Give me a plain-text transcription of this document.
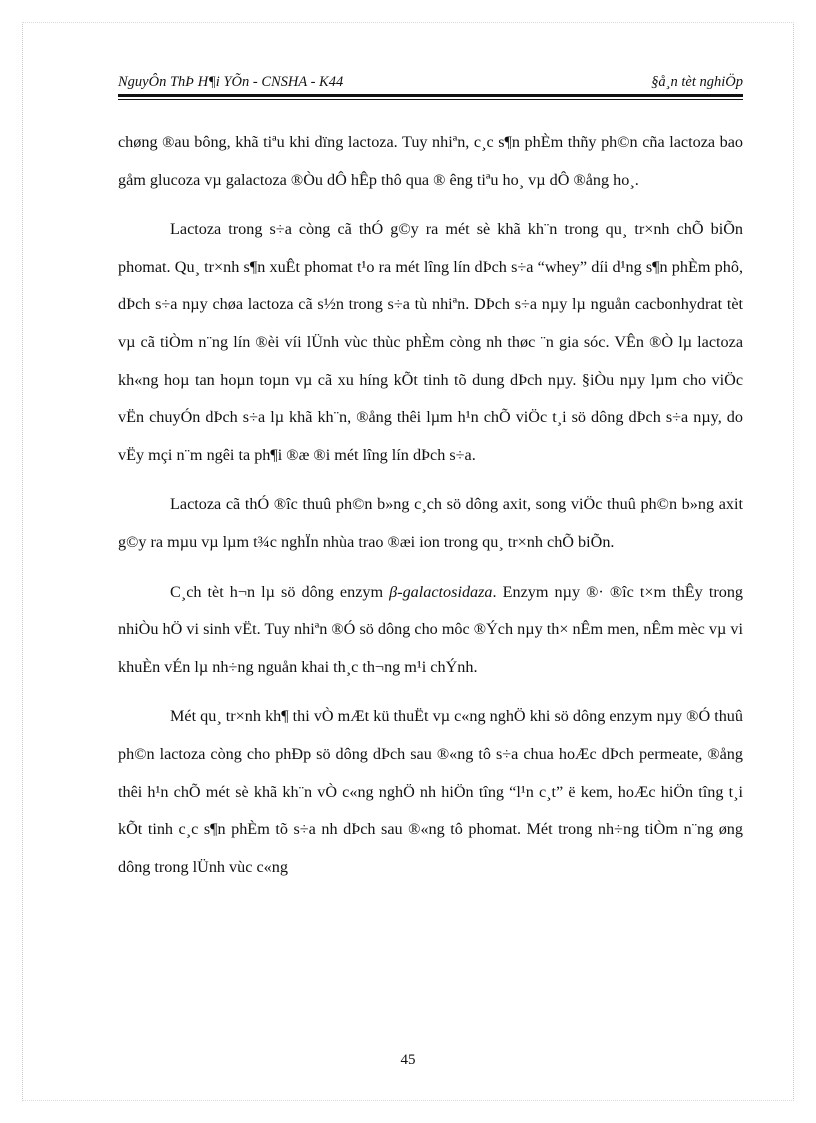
NguyÔn ThÞ H¶i YÕn - CNSHA - K44	§å¸n tèt nghiÖp

chøng ®au bông, khã tiªu khi dïng lactoza. Tuy nhiªn, c¸c s¶n phÈm thñy ph©n cña lactoza bao gåm glucoza vµ galactoza ®Òu dÔ hÊp thô qua ® êng tiªu ho¸ vµ dÔ ®ång ho¸.

Lactoza trong s÷a còng cã thÓ g©y ra mét sè khã kh¨n trong qu¸ tr×nh chÕ biÕn phomat. Qu¸ tr×nh s¶n xuÊt phomat t¹o ra mét lîng lín dÞch s÷a “whey” díi d¹ng s¶n phÈm phô, dÞch s÷a nµy chøa lactoza cã s½n trong s÷a tù nhiªn. DÞch s÷a nµy lµ nguån cacbonhydrat tèt vµ cã tiÒm n¨ng lín ®èi víi lÜnh vùc thùc phÈm còng nh thøc ¨n gia sóc. VÊn ®Ò lµ lactoza kh«ng hoµ tan hoµn toµn vµ cã xu híng kÕt tinh tõ dung dÞch nµy. §iÒu nµy lµm cho viÖc vËn chuyÓn dÞch s÷a lµ khã kh¨n, ®ång thêi lµm h¹n chÕ viÖc t¸i sö dông dÞch s÷a nµy, do vËy mçi n¨m ngêi ta ph¶i ®æ ®i mét lîng lín dÞch s÷a.

Lactoza cã thÓ ®îc thuû ph©n b»ng c¸ch sö dông axit, song viÖc thuû ph©n b»ng axit g©y ra mµu vµ lµm t¾c nghÏn nhùa trao ®æi ion trong qu¸ tr×nh chÕ biÕn.

C¸ch tèt h¬n lµ sö dông enzym β-galactosidaza. Enzym nµy ®· ®îc t×m thÊy trong nhiÒu hÖ vi sinh vËt. Tuy nhiªn ®Ó sö dông cho môc ®Ých nµy th× nÊm men, nÊm mèc vµ vi khuÈn vÉn lµ nh÷ng nguån khai th¸c th¬ng m¹i chÝnh.

Mét qu¸ tr×nh kh¶ thi vÒ mÆt kü thuËt vµ c«ng nghÖ khi sö dông enzym nµy ®Ó thuû ph©n lactoza còng cho phÐp sö dông dÞch sau ®«ng tô s÷a chua hoÆc dÞch permeate, ®ång thêi h¹n chÕ mét sè khã kh¨n vÒ c«ng nghÖ nh hiÖn tîng “l¹n c¸t” ë kem, hoÆc hiÖn tîng t¸i kÕt tinh c¸c s¶n phÈm tõ s÷a nh dÞch sau ®«ng tô phomat. Mét trong nh÷ng tiÒm n¨ng øng dông trong lÜnh vùc c«ng

45
